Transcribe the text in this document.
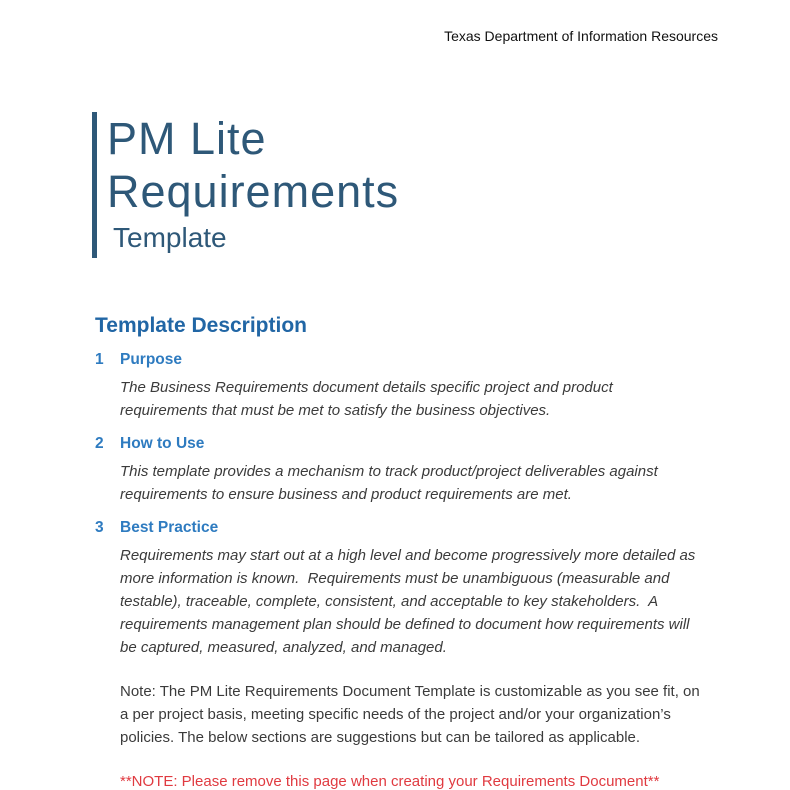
Texas Department of Information Resources
PM Lite
Requirements
Template
Template Description
1	Purpose
The Business Requirements document details specific project and product requirements that must be met to satisfy the business objectives.
2	How to Use
This template provides a mechanism to track product/project deliverables against requirements to ensure business and product requirements are met.
3	Best Practice
Requirements may start out at a high level and become progressively more detailed as more information is known.  Requirements must be unambiguous (measurable and testable), traceable, complete, consistent, and acceptable to key stakeholders.  A requirements management plan should be defined to document how requirements will be captured, measured, analyzed, and managed.
Note: The PM Lite Requirements Document Template is customizable as you see fit, on a per project basis, meeting specific needs of the project and/or your organization’s policies. The below sections are suggestions but can be tailored as applicable.
**NOTE: Please remove this page when creating your Requirements Document**
